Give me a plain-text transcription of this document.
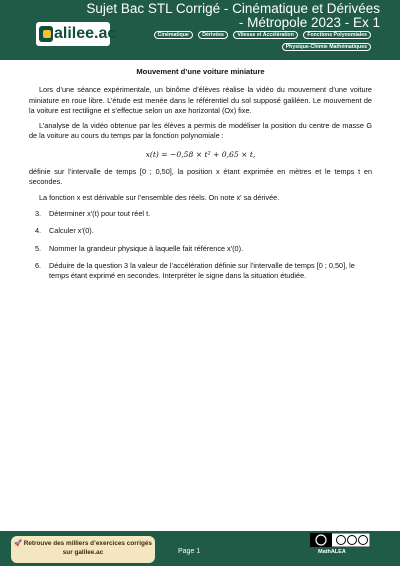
Sujet Bac STL Corrigé - Cinématique et Dérivées - Métropole 2023 - Ex 1
alilee.ac	Cinématique	Dérivées	Vitesse et Accélération	Fonctions Polynomiales Physique-Chimie Mathématiques
Mouvement d’une voiture miniature

Lors d’une séance expérimentale, un binôme d’élèves réalise la vidéo du mouvement d’une voiture miniature en roue libre. L’étude est menée dans le référentiel du sol supposé galiléen. Le mouvement de la voiture est rectiligne et s’effectue selon un axe horizontal (Ox) fixe.

L’analyse de la vidéo obtenue par les élèves a permis de modéliser la position du centre de masse G de la voiture au cours du temps par la fonction polynomiale :

x(t) = −0,58 × t² + 0,65 × t,

définie sur l’intervalle de temps [0 ; 0,50], la position x étant exprimée en mètres et le temps t en secondes.

La fonction x est dérivable sur l’ensemble des réels. On note x′ sa dérivée.

3. Déterminer x′(t) pour tout réel t.
4. Calculer x′(0).
5. Nommer la grandeur physique à laquelle fait référence x′(0).
6. Déduire de la question 3 la valeur de l’accélération définie sur l’intervalle de temps [0 ; 0,50], le temps étant exprimé en secondes. Interpréter le signe dans la situation étudiée.
🚀 Retrouve des milliers d’exercices corrigés sur galilee.ac	Page 1	MathALEA
